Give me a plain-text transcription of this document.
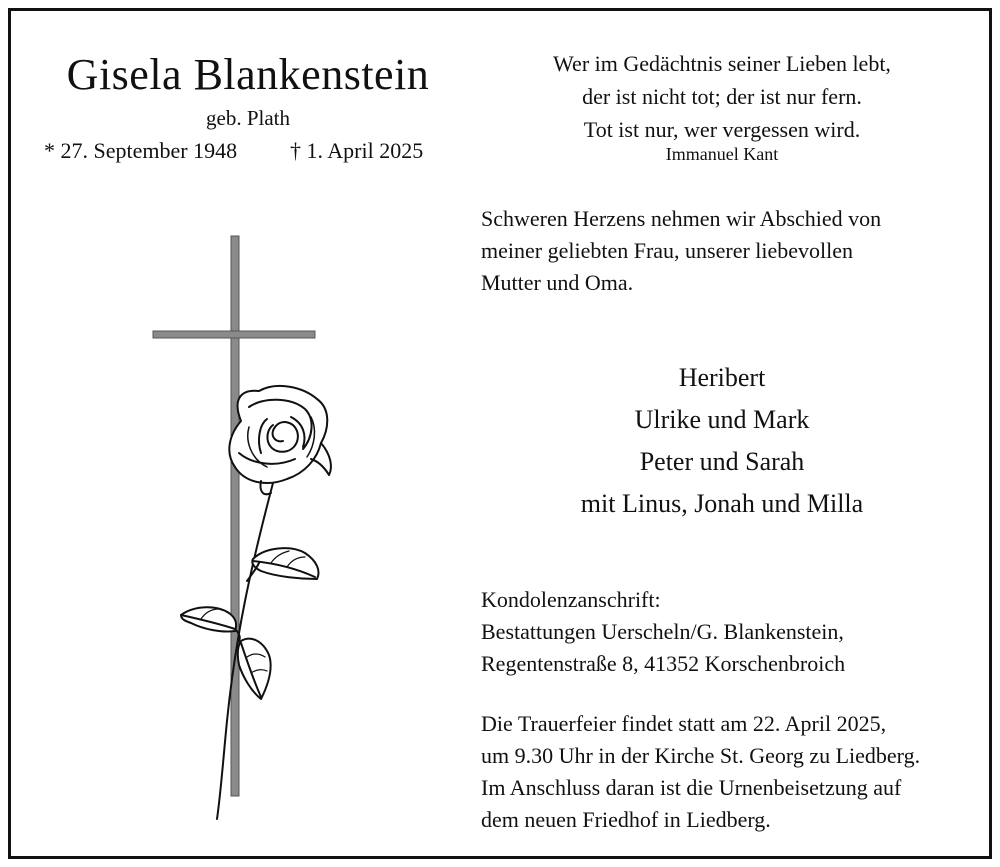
Gisela Blankenstein
geb. Plath
* 27. September 1948 † 1. April 2025
Wer im Gedächtnis seiner Lieben lebt,
der ist nicht tot; der ist nur fern.
Tot ist nur, wer vergessen wird.
Immanuel Kant
Schweren Herzens nehmen wir Abschied von
meiner geliebten Frau, unserer liebevollen
Mutter und Oma.
Heribert
Ulrike und Mark
Peter und Sarah
mit Linus, Jonah und Milla
Kondolenzanschrift:
Bestattungen Uerscheln/G. Blankenstein,
Regentenstraße 8, 41352 Korschenbroich
Die Trauerfeier findet statt am 22. April 2025,
um 9.30 Uhr in der Kirche St. Georg zu Liedberg.
Im Anschluss daran ist die Urnenbeisetzung auf
dem neuen Friedhof in Liedberg.
